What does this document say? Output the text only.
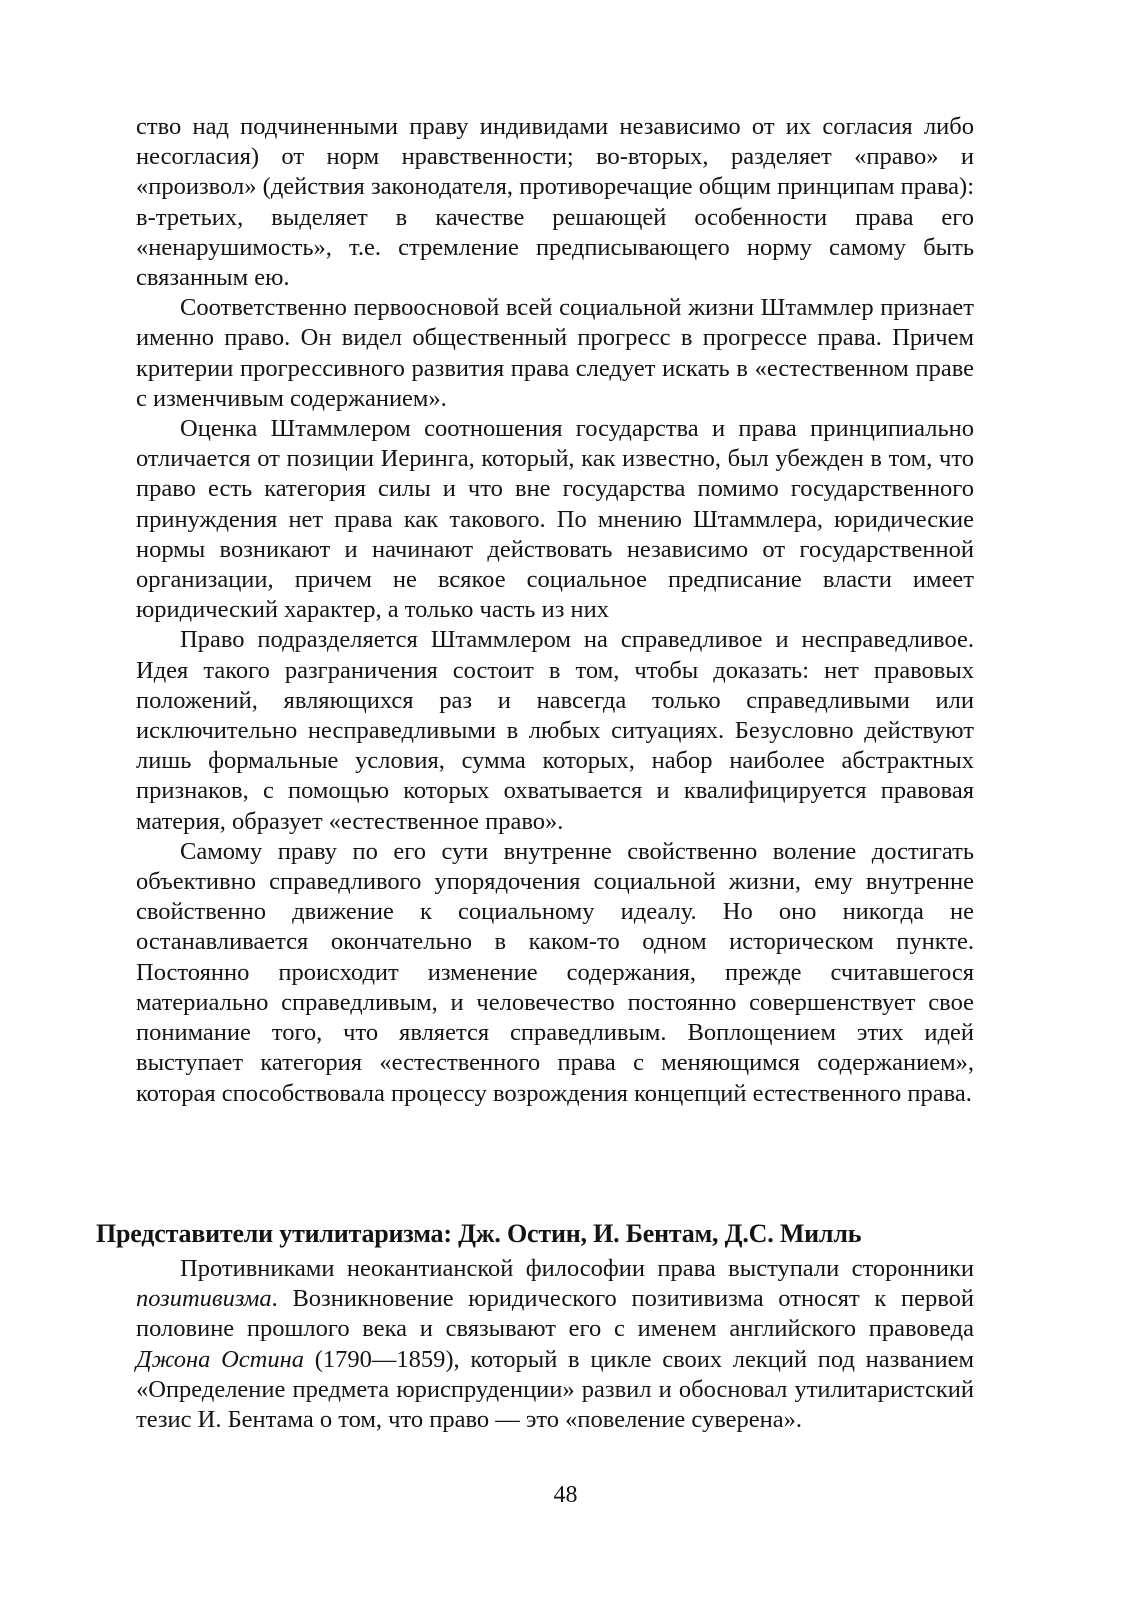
ство над подчиненными праву индивидами независимо от их согласия либо несогласия) от норм нравственности; во-вторых, разделяет «право» и «произвол» (действия законодателя, противоречащие общим принципам права): в-третьих, выделяет в качестве решающей особенности права его «ненарушимость», т.е. стремление предписывающего норму самому быть связанным ею.

Соответственно первоосновой всей социальной жизни Штаммлер признает именно право. Он видел общественный прогресс в прогрессе права. Причем критерии прогрессивного развития права следует искать в «естественном праве с изменчивым содержанием».

Оценка Штаммлером соотношения государства и права принципиально отличается от позиции Иеринга, который, как известно, был убежден в том, что право есть категория силы и что вне государства помимо государственного принуждения нет права как такового. По мнению Штаммлера, юридические нормы возникают и начинают действовать независимо от государственной организации, причем не всякое социальное предписание власти имеет юридический характер, а только часть из них

Право подразделяется Штаммлером на справедливое и несправедливое. Идея такого разграничения состоит в том, чтобы доказать: нет правовых положений, являющихся раз и навсегда только справедливыми или исключительно несправедливыми в любых ситуациях. Безусловно действуют лишь формальные условия, сумма которых, набор наиболее абстрактных признаков, с помощью которых охватывается и квалифицируется правовая материя, образует «естественное право».

Самому праву по его сути внутренне свойственно воление достигать объективно справедливого упорядочения социальной жизни, ему внутренне свойственно движение к социальному идеалу. Но оно никогда не останавливается окончательно в каком-то одном историческом пункте. Постоянно происходит изменение содержания, прежде считавшегося материально справедливым, и человечество постоянно совершенствует свое понимание того, что является справедливым. Воплощением этих идей выступает категория «естественного права с меняющимся содержанием», которая способствовала процессу возрождения концепций естественного права.

Представители утилитаризма: Дж. Остин, И. Бентам, Д.С. Милль

Противниками неокантианской философии права выступали сторонники позитивизма. Возникновение юридического позитивизма относят к первой половине прошлого века и связывают его с именем английского правоведа Джона Остина (1790—1859), который в цикле своих лекций под названием «Определение предмета юриспруденции» развил и обосновал утилитаристский тезис И. Бентама о том, что право — это «повеление суверена».

48
